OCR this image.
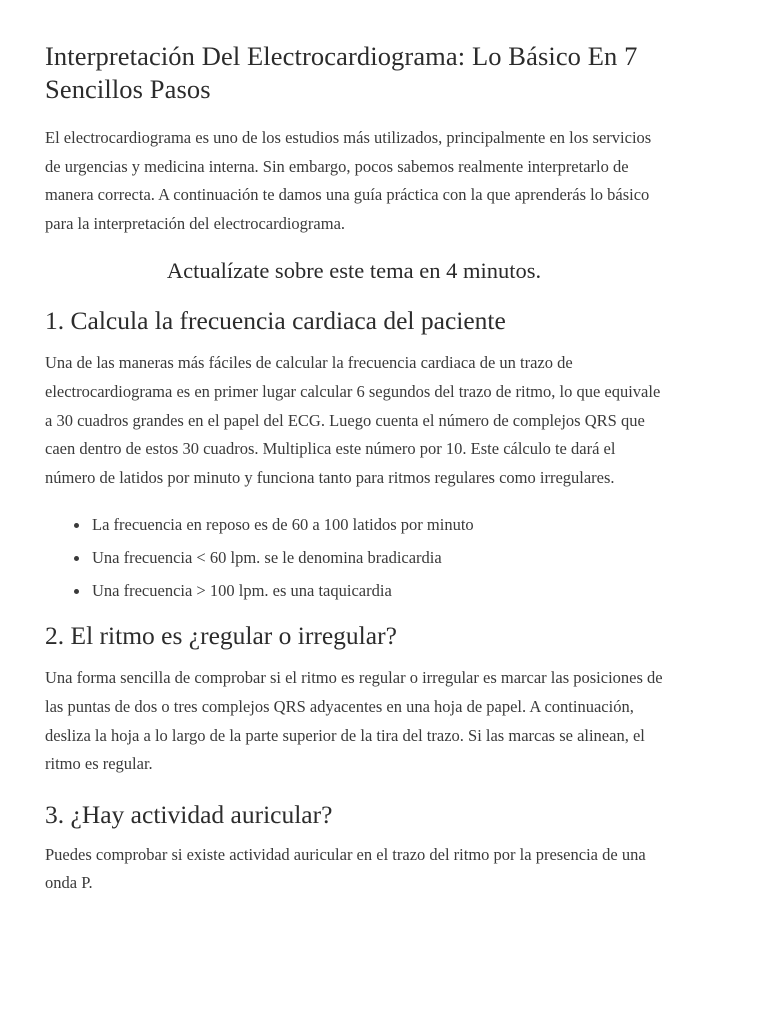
Interpretación Del Electrocardiograma: Lo Básico En 7 Sencillos Pasos

El electrocardiograma es uno de los estudios más utilizados, principalmente en los servicios de urgencias y medicina interna. Sin embargo, pocos sabemos realmente interpretarlo de manera correcta. A continuación te damos una guía práctica con la que aprenderás lo básico para la interpretación del electrocardiograma.

Actualízate sobre este tema en 4 minutos.
1. Calcula la frecuencia cardiaca del paciente

Una de las maneras más fáciles de calcular la frecuencia cardiaca de un trazo de electrocardiograma es en primer lugar calcular 6 segundos del trazo de ritmo, lo que equivale a 30 cuadros grandes en el papel del ECG. Luego cuenta el número de complejos QRS que caen dentro de estos 30 cuadros. Multiplica este número por 10. Este cálculo te dará el número de latidos por minuto y funciona tanto para ritmos regulares como irregulares.

La frecuencia en reposo es de 60 a 100 latidos por minuto
Una frecuencia < 60 lpm. se le denomina bradicardia
Una frecuencia > 100 lpm. es una taquicardia
2. El ritmo es ¿regular o irregular?

Una forma sencilla de comprobar si el ritmo es regular o irregular es marcar las posiciones de las puntas de dos o tres complejos QRS adyacentes en una hoja de papel. A continuación, desliza la hoja a lo largo de la parte superior de la tira del trazo. Si las marcas se alinean, el ritmo es regular.

3. ¿Hay actividad auricular?

Puedes comprobar si existe actividad auricular en el trazo del ritmo por la presencia de una onda P.
